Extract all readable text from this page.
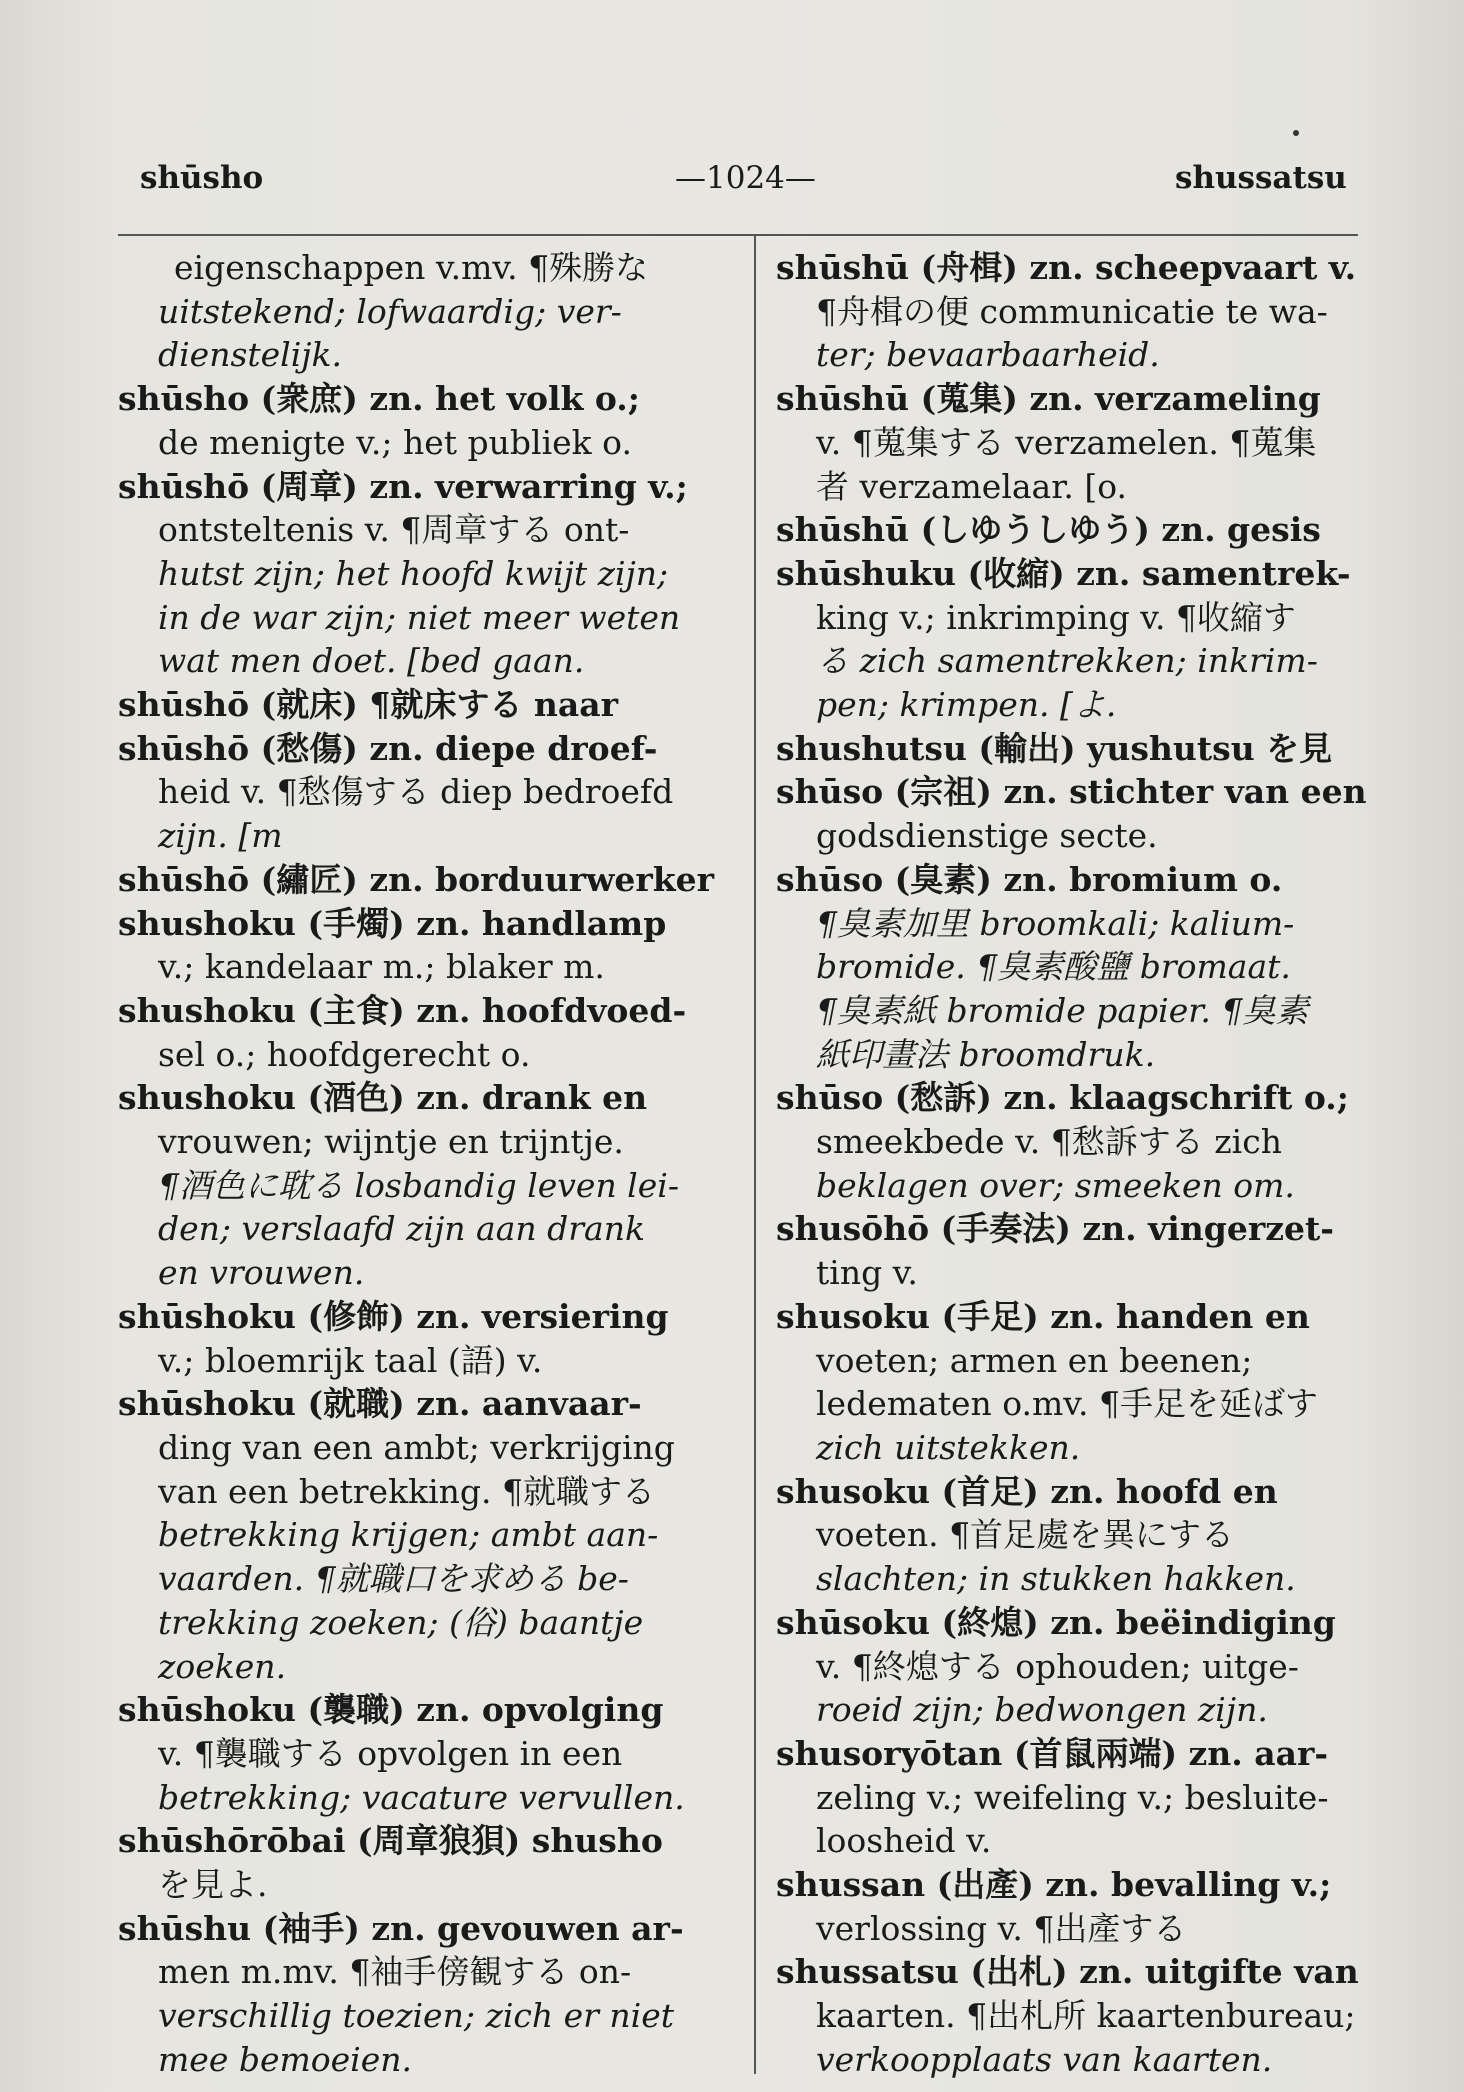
shūsho	—1024—	shussatsu
eigenschappen v.mv. ¶殊勝な
uitstekend; lofwaardig; ver-
dienstelijk.
shūsho (衆庶) zn. het volk o.;
de menigte v.; het publiek o.
shūshō (周章) zn. verwarring v.;
ontsteltenis v. ¶周章する ont-
hutst zijn; het hoofd kwijt zijn;
in de war zijn; niet meer weten
wat men doet. [bed gaan.
shūshō (就床) ¶就床する naar
shūshō (愁傷) zn. diepe droef-
heid v. ¶愁傷する diep bedroefd
zijn. [m
shūshō (繡匠) zn. borduurwerker
shushoku (手燭) zn. handlamp
v.; kandelaar m.; blaker m.
shushoku (主食) zn. hoofdvoed-
sel o.; hoofdgerecht o.
shushoku (酒色) zn. drank en
vrouwen; wijntje en trijntje.
¶酒色に耽る losbandig leven lei-
den; verslaafd zijn aan drank
en vrouwen.
shūshoku (修飾) zn. versiering
v.; bloemrijk taal (語) v.
shūshoku (就職) zn. aanvaar-
ding van een ambt; verkrijging
van een betrekking. ¶就職する
betrekking krijgen; ambt aan-
vaarden. ¶就職口を求める be-
trekking zoeken; (俗) baantje
zoeken.
shūshoku (襲職) zn. opvolging
v. ¶襲職する opvolgen in een
betrekking; vacature vervullen.
shūshōrōbai (周章狼狽) shusho
を見よ.
shūshu (袖手) zn. gevouwen ar-
men m.mv. ¶袖手傍観する on-
verschillig toezien; zich er niet
mee bemoeien.
shūshū (舟楫) zn. scheepvaart v.
¶舟楫の便 communicatie te wa-
ter; bevaarbaarheid.
shūshū (蒐集) zn. verzameling
v. ¶蒐集する verzamelen. ¶蒐集
者 verzamelaar. [o.
shūshū (しゆうしゆう) zn. gesis
shūshuku (收縮) zn. samentrek-
king v.; inkrimping v. ¶收縮す
る zich samentrekken; inkrim-
pen; krimpen. [よ.
shushutsu (輸出) yushutsu を見
shūso (宗祖) zn. stichter van een
godsdienstige secte.
shūso (臭素) zn. bromium o.
¶臭素加里 broomkali; kalium-
bromide. ¶臭素酸鹽 bromaat.
¶臭素紙 bromide papier. ¶臭素
紙印畫法 broomdruk.
shūso (愁訴) zn. klaagschrift o.;
smeekbede v. ¶愁訴する zich
beklagen over; smeeken om.
shusōhō (手奏法) zn. vingerzet-
ting v.
shusoku (手足) zn. handen en
voeten; armen en beenen;
ledematen o.mv. ¶手足を延ばす
zich uitstekken.
shusoku (首足) zn. hoofd en
voeten. ¶首足處を異にする
slachten; in stukken hakken.
shūsoku (終熄) zn. beëindiging
v. ¶終熄する ophouden; uitge-
roeid zijn; bedwongen zijn.
shusoryōtan (首鼠兩端) zn. aar-
zeling v.; weifeling v.; besluite-
loosheid v.
shussan (出產) zn. bevalling v.;
verlossing v. ¶出產する
shussatsu (出札) zn. uitgifte van
kaarten. ¶出札所 kaartenbureau;
verkoopplaats van kaarten.
